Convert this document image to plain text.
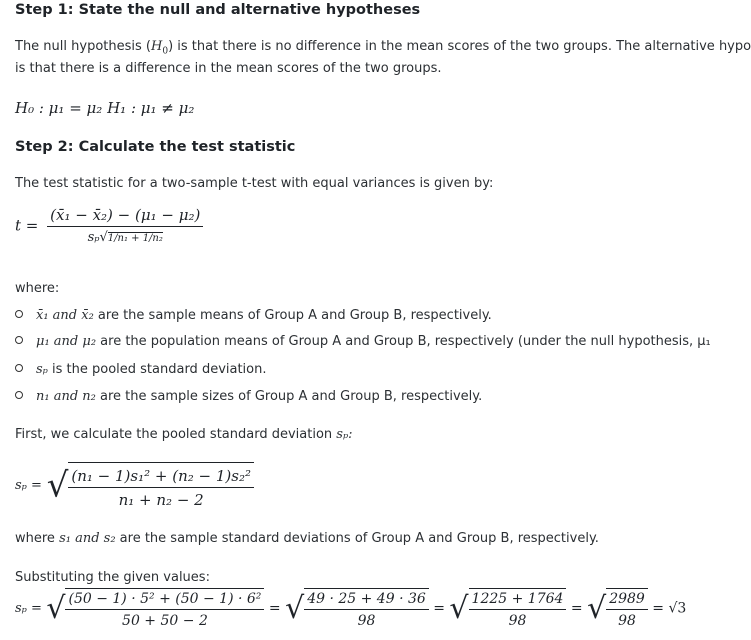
Step 1: State the null and alternative hypotheses

The null hypothesis $(H_0)$ is that there is no difference in the mean scores of the two groups. The alternative hypo

is that there is a difference in the mean scores of the two groups.

H₀ : μ₁ = μ₂ H₁ : μ₁ ≠ μ₂
Step 2: Calculate the test statistic

The test statistic for a two-sample t-test with equal variances is given by:

$t = \frac{\text{(x̄₁ − x̄₂) − (μ₁ − μ₂)}}{\text{sₚ√1/n₁ + 1/n₂}}$

where:

x̄₁ and x̄₂ are the sample means of Group A and Group B, respectively.
μ₁ and μ₂ are the population means of Group A and Group B, respectively (under the null hypothesis, μ₁
sₚ is the pooled standard deviation.
n₁ and n₂ are the sample sizes of Group A and Group B, respectively.

First, we calculate the pooled standard deviation sₚ:

sₚ = √ $\frac{\text{(n₁ − 1)s₁² + (n₂ − 1)s₂²}}{\text{n₁ + n₂ − 2}}$

where s₁ and s₂ are the sample standard deviations of Group A and Group B, respectively.

Substituting the given values:

sₚ = √ $\frac{\text{(50 − 1) · 5² + (50 − 1) · 6²}}{50 + 50 - 2}$ = √ $\frac{49 \cdot 25 + 49 \cdot 36}{98}$ = √ $\frac{1225 + 1764}{98}$ = √ $\frac{2989}{98} = √3$
